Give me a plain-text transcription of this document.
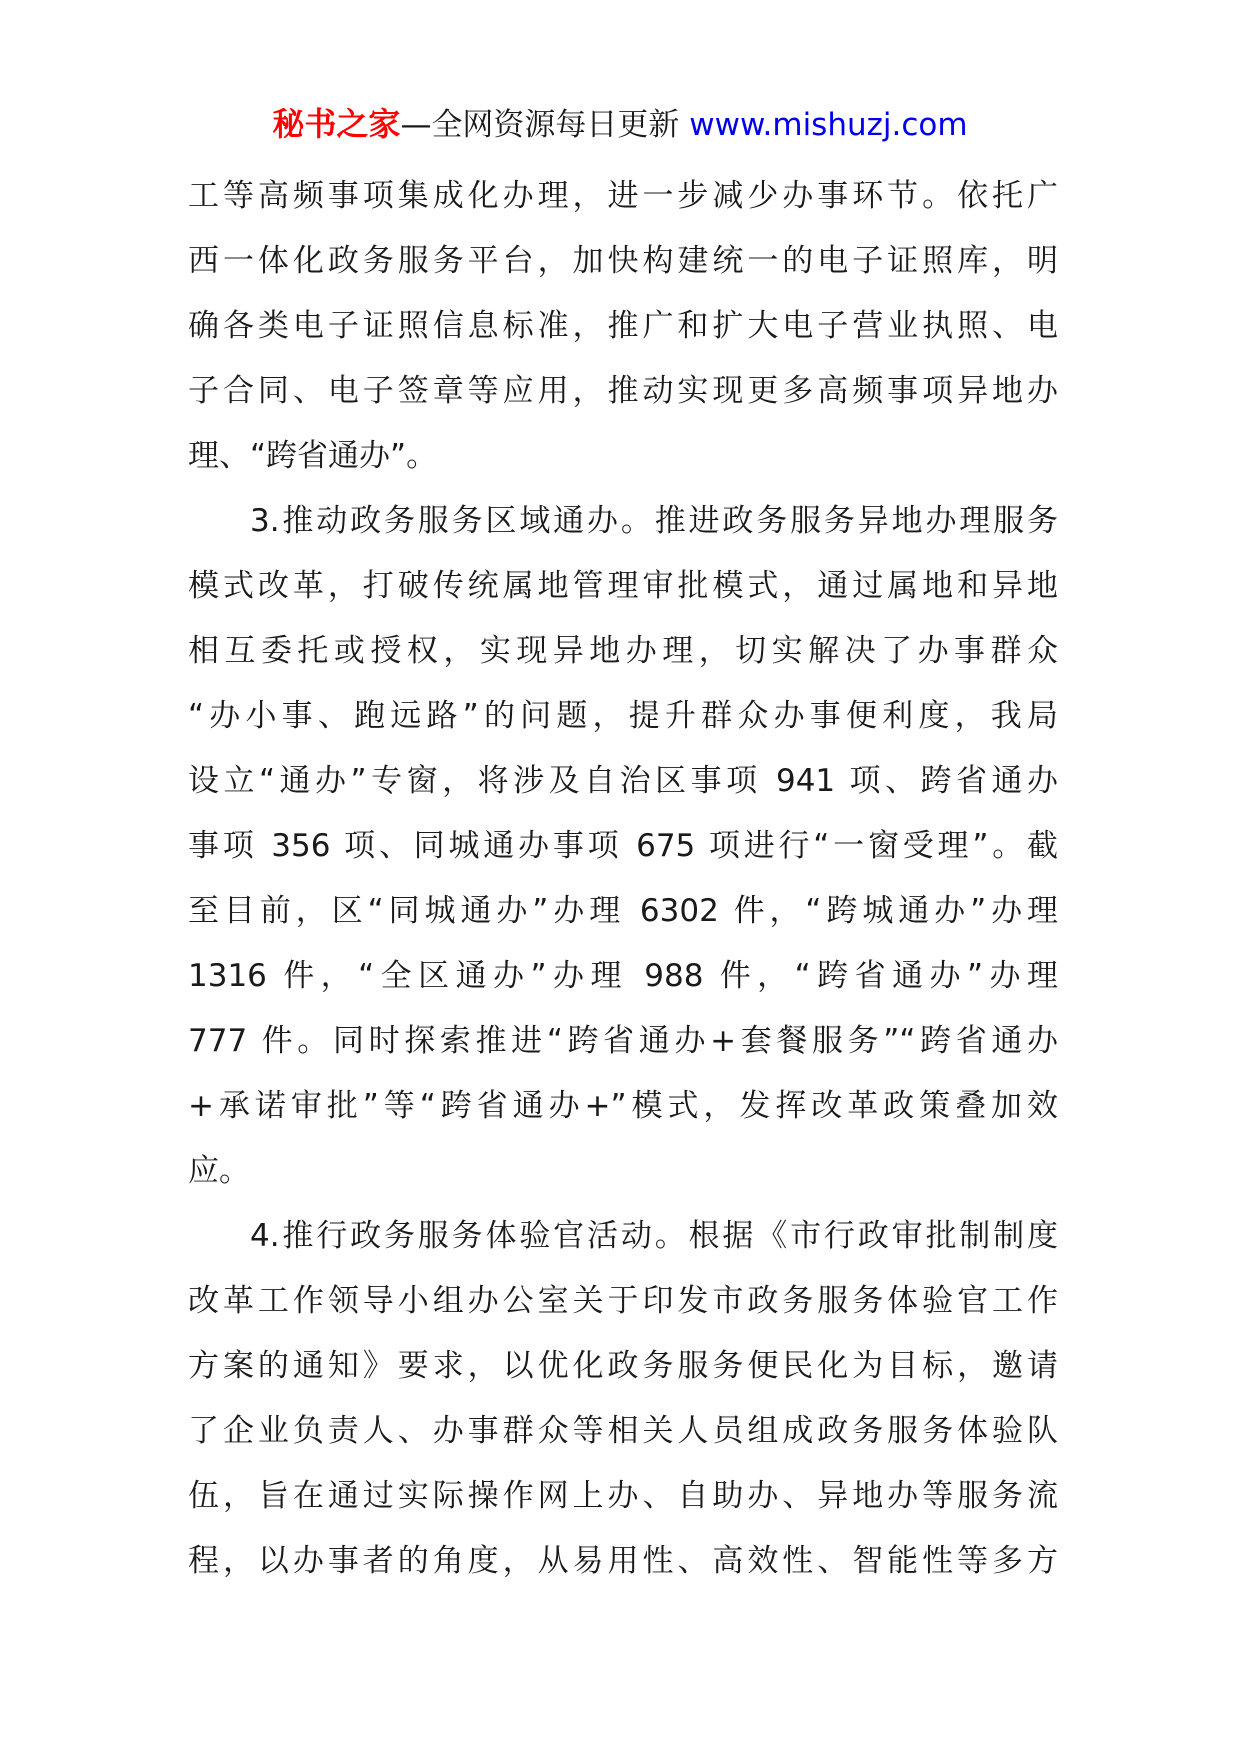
秘书之家—全网资源每日更新 www.mishuzj.com
工等高频事项集成化办理，进一步减少办事环节。依托广
西一体化政务服务平台，加快构建统一的电子证照库，明
确各类电子证照信息标准，推广和扩大电子营业执照、电
子合同、电子签章等应用，推动实现更多高频事项异地办
理、“跨省通办”。
3.推动政务服务区域通办。推进政务服务异地办理服务
模式改革，打破传统属地管理审批模式，通过属地和异地
相互委托或授权，实现异地办理，切实解决了办事群众
“办小事、跑远路”的问题，提升群众办事便利度，我局
设立“通办”专窗，将涉及自治区事项 941 项、跨省通办
事项 356 项、同城通办事项 675 项进行“一窗受理”。截
至目前，区“同城通办”办理 6302 件，“跨城通办”办理
1316 件，“全区通办”办理 988 件，“跨省通办”办理
777 件。同时探索推进“跨省通办+套餐服务”“跨省通办
+承诺审批”等“跨省通办+”模式，发挥改革政策叠加效
应。
4.推行政务服务体验官活动。根据《市行政审批制制度
改革工作领导小组办公室关于印发市政务服务体验官工作
方案的通知》要求，以优化政务服务便民化为目标，邀请
了企业负责人、办事群众等相关人员组成政务服务体验队
伍，旨在通过实际操作网上办、自助办、异地办等服务流
程，以办事者的角度，从易用性、高效性、智能性等多方
